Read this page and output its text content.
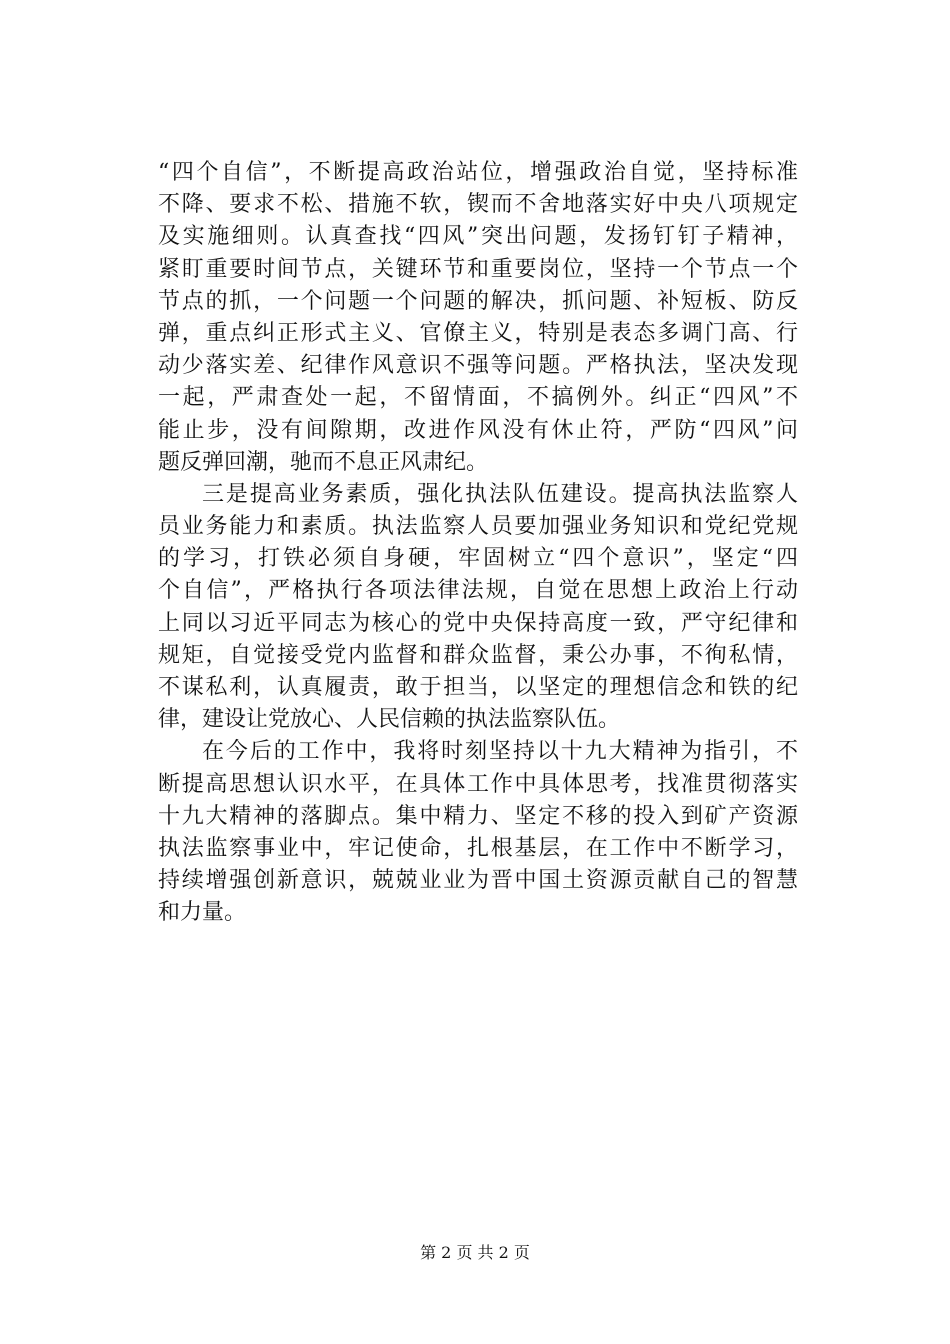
“四个自信”，不断提高政治站位，增强政治自觉，坚持标准
不降、要求不松、措施不软，锲而不舍地落实好中央八项规定
及实施细则。认真查找“四风”突出问题，发扬钉钉子精神，
紧盯重要时间节点，关键环节和重要岗位，坚持一个节点一个
节点的抓，一个问题一个问题的解决，抓问题、补短板、防反
弹，重点纠正形式主义、官僚主义，特别是表态多调门高、行
动少落实差、纪律作风意识不强等问题。严格执法，坚决发现
一起，严肃查处一起，不留情面，不搞例外。纠正“四风”不
能止步，没有间隙期，改进作风没有休止符，严防“四风”问
题反弹回潮，驰而不息正风肃纪。
三是提高业务素质，强化执法队伍建设。提高执法监察人
员业务能力和素质。执法监察人员要加强业务知识和党纪党规
的学习，打铁必须自身硬，牢固树立“四个意识”，坚定“四
个自信”，严格执行各项法律法规，自觉在思想上政治上行动
上同以习近平同志为核心的党中央保持高度一致，严守纪律和
规矩，自觉接受党内监督和群众监督，秉公办事，不徇私情，
不谋私利，认真履责，敢于担当，以坚定的理想信念和铁的纪
律，建设让党放心、人民信赖的执法监察队伍。
在今后的工作中，我将时刻坚持以十九大精神为指引，不
断提高思想认识水平，在具体工作中具体思考，找准贯彻落实
十九大精神的落脚点。集中精力、坚定不移的投入到矿产资源
执法监察事业中，牢记使命，扎根基层，在工作中不断学习，
持续增强创新意识，兢兢业业为晋中国土资源贡献自己的智慧
和力量。
第 2 页 共 2 页
